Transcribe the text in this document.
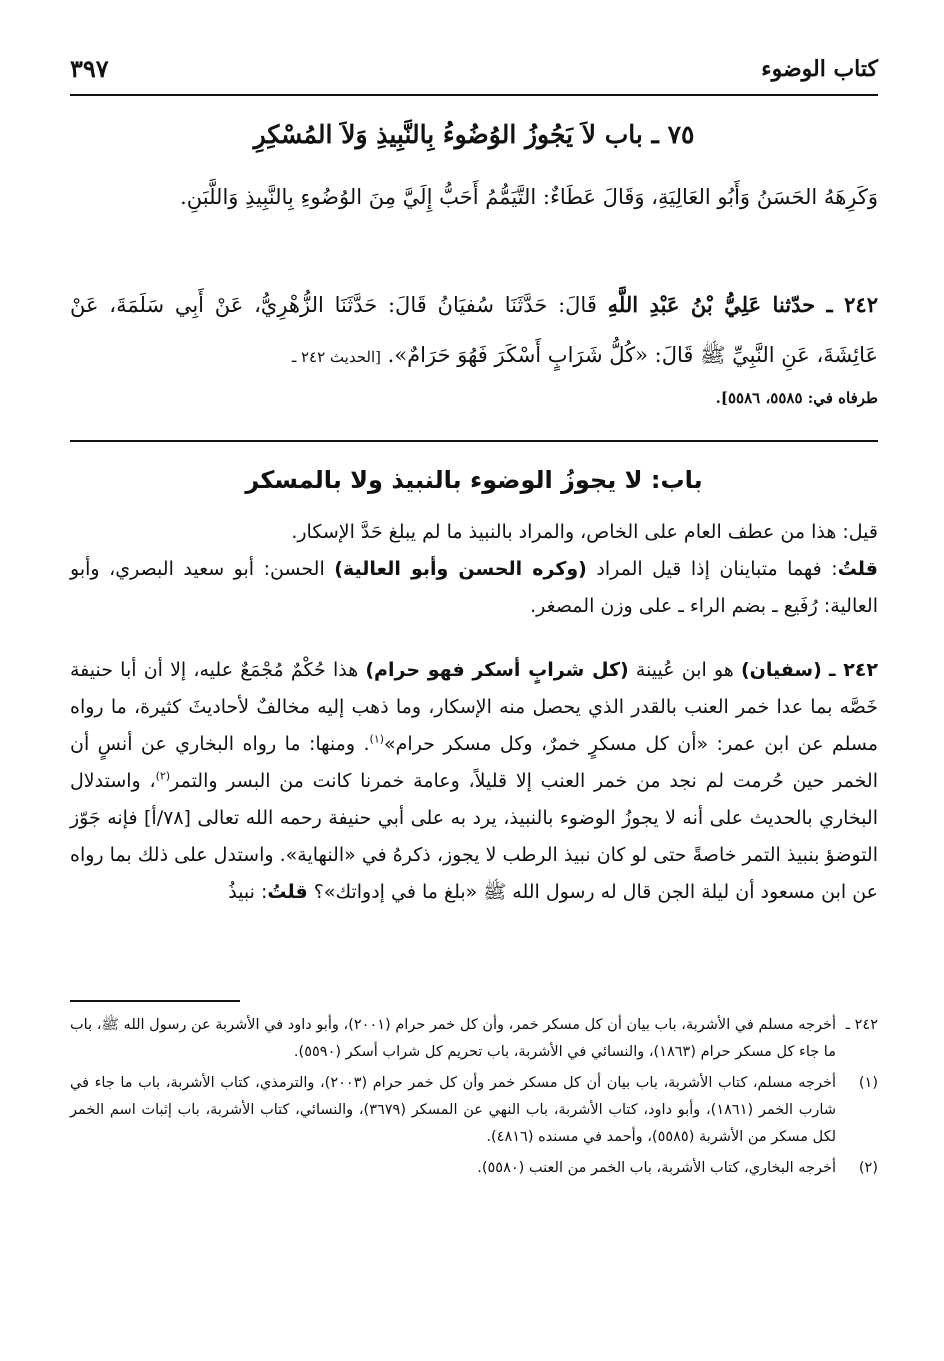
٣٩٧	كتاب الوضوء
٧٥ ـ باب لاَ يَجُوزُ الوُضُوءُ بِالنَّبِيذِ وَلاَ المُسْكِرِ

وَكَرِهَهُ الحَسَنُ وَأَبُو العَالِيَةِ، وَقَالَ عَطَاءٌ: التَّيَمُّمُ أَحَبُّ إِلَيَّ مِنَ الوُضُوءِ بِالنَّبِيذِ وَاللَّبَنِ.

٢٤٢ ـ حدّثنا عَلِيُّ بْنُ عَبْدِ اللَّهِ قَالَ: حَدَّثَنَا سُفيَانُ قَالَ: حَدَّثَنَا الزُّهْرِيُّ، عَنْ أَبِي سَلَمَةَ، عَنْ عَائِشَةَ، عَنِ النَّبِيِّ ﷺ قَالَ: «كُلُّ شَرَابٍ أَسْكَرَ فَهُوَ حَرَامٌ». [الحديث ٢٤٢ ـ

طرفاه في: ٥٥٨٥، ٥٥٨٦].
باب: لا يجوزُ الوضوء بالنبيذ ولا بالمسكر
قيل: هذا من عطف العام على الخاص، والمراد بالنبيذ ما لم يبلغ حَدَّ الإسكار.
قلتُ: فهما متباينان إذا قيل المراد (وكره الحسن وأبو العالية) الحسن: أبو سعيد البصري، وأبو العالية: رُفَيع ـ بضم الراء ـ على وزن المصغر.

٢٤٢ ـ (سفيان) هو ابن عُيينة (كل شرابٍ أسكر فهو حرام) هذا حُكْمٌ مُجْمَعٌ عليه، إلا أن أبا حنيفة خَصَّه بما عدا خمر العنب بالقدر الذي يحصل منه الإسكار، وما ذهب إليه مخالفٌ لأحاديثَ كثيرة، ما رواه مسلم عن ابن عمر: «أن كل مسكرٍ خمرٌ، وكل مسكر حرام»$^{(١)}$. ومنها: ما رواه البخاري عن أنسٍ أن الخمر حين حُرمت لم نجد من خمر العنب إلا قليلاً، وعامة خمرنا كانت من البسر والتمر$^{(٢)}$، واستدلال البخاري بالحديث على أنه لا يجوزُ الوضوء بالنبيذ، يرد به على أبي حنيفة رحمه الله تعالى [٧٨/أ] فإنه جَوّز التوضؤ بنبيذ التمر خاصةً حتى لو كان نبيذ الرطب لا يجوز، ذكرهُ في «النهاية». واستدل على ذلك بما رواه عن ابن مسعود أن ليلة الجن قال له رسول الله ﷺ «بلغ ما في إدواتك»؟ قلتُ: نبيذُ

٢٤٢ ـ
أخرجه مسلم في الأشربة، باب بيان أن كل مسكر خمر، وأن كل خمر حرام (٢٠٠١)، وأبو داود في الأشربة عن رسول الله ﷺ، باب ما جاء كل مسكر حرام (١٨٦٣)، والنسائي في الأشربة، باب تحريم كل شراب أسكر (٥٥٩٠).
(١)
أخرجه مسلم، كتاب الأشربة، باب بيان أن كل مسكر خمر وأن كل خمر حرام (٢٠٠٣)، والترمذي، كتاب الأشربة، باب ما جاء في شارب الخمر (١٨٦١)، وأبو داود، كتاب الأشربة، باب النهي عن المسكر (٣٦٧٩)، والنسائي، كتاب الأشربة، باب إثبات اسم الخمر لكل مسكر من الأشربة (٥٥٨٥)، وأحمد في مسنده (٤٨١٦).
(٢)
أخرجه البخاري، كتاب الأشربة، باب الخمر من العنب (٥٥٨٠).
